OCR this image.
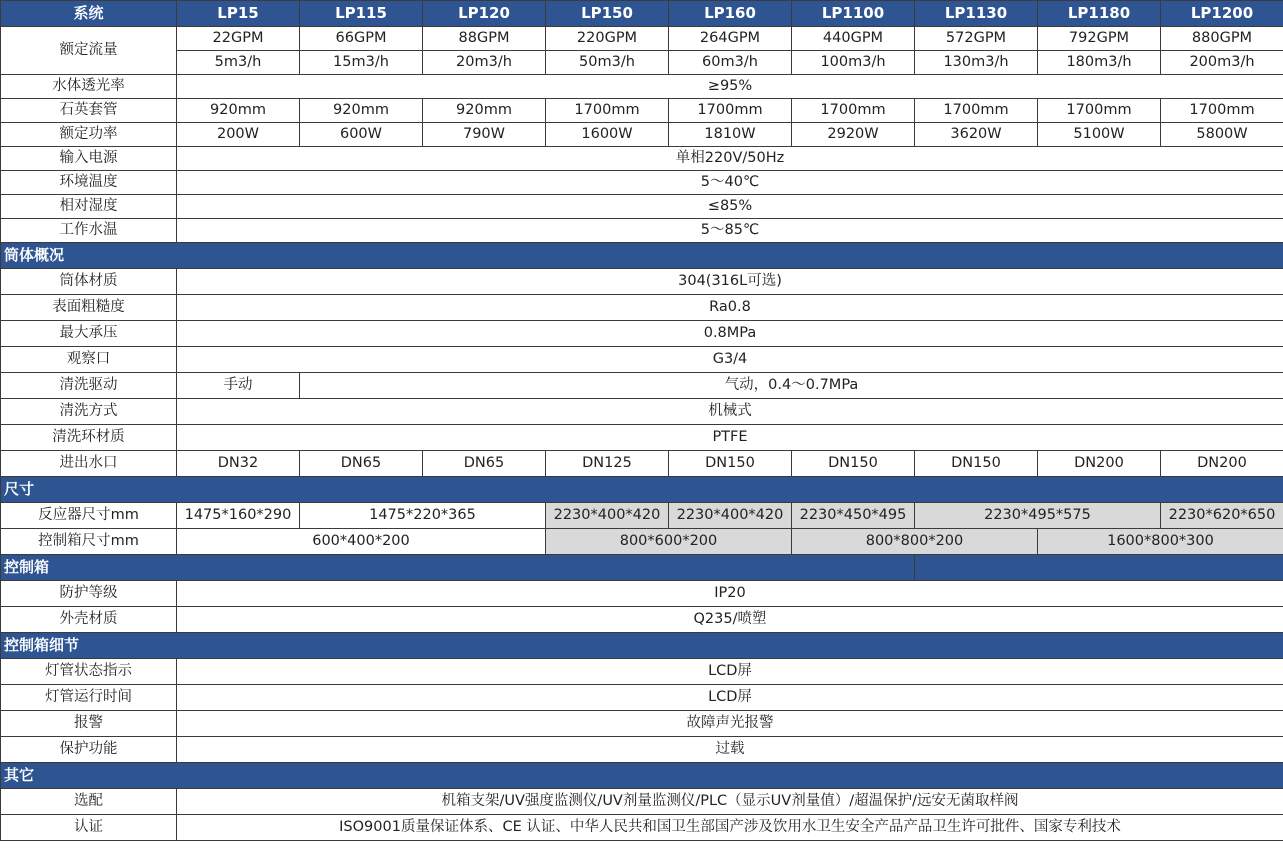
系统	LP15	LP115	LP120	LP150	LP160	LP1100	LP1130	LP1180	LP1200
额定流量	22GPM	66GPM	88GPM	220GPM	264GPM	440GPM	572GPM	792GPM	880GPM
	5m3/h	15m3/h	20m3/h	50m3/h	60m3/h	100m3/h	130m3/h	180m3/h	200m3/h
水体透光率	≥95%								
石英套管	920mm	920mm	920mm	1700mm	1700mm	1700mm	1700mm	1700mm	1700mm
额定功率	200W	600W	790W	1600W	1810W	2920W	3620W	5100W	5800W
输入电源	单相220V/50Hz								
环境温度	5～40℃								
相对湿度	≤85%								
工作水温	5～85℃								
筒体概况									
筒体材质	304(316L可选)								
表面粗糙度	Ra0.8								
最大承压	0.8MPa								
观察口	G3/4								
清洗驱动	手动	气动，0.4～0.7MPa							
清洗方式	机械式								
清洗环材质	PTFE								
进出水口	DN32	DN65	DN65	DN125	DN150	DN150	DN150	DN200	DN200
尺寸									
反应器尺寸mm	1475*160*290	1475*220*365		2230*400*420	2230*400*420	2230*450*495	2230*495*575		2230*620*650
控制箱尺寸mm	600*400*200			800*600*200		800*800*200		1600*800*300	
控制箱									
防护等级	IP20								
外壳材质	Q235/喷塑								
控制箱细节									
灯管状态指示	LCD屏								
灯管运行时间	LCD屏								
报警	故障声光报警								
保护功能	过载								
其它									
选配	机箱支架/UV强度监测仪/UV剂量监测仪/PLC（显示UV剂量值）/超温保护/远安无菌取样阀								
认证	ISO9001质量保证体系、CE 认证、中华人民共和国卫生部国产涉及饮用水卫生安全产品产品卫生许可批件、国家专利技术								
